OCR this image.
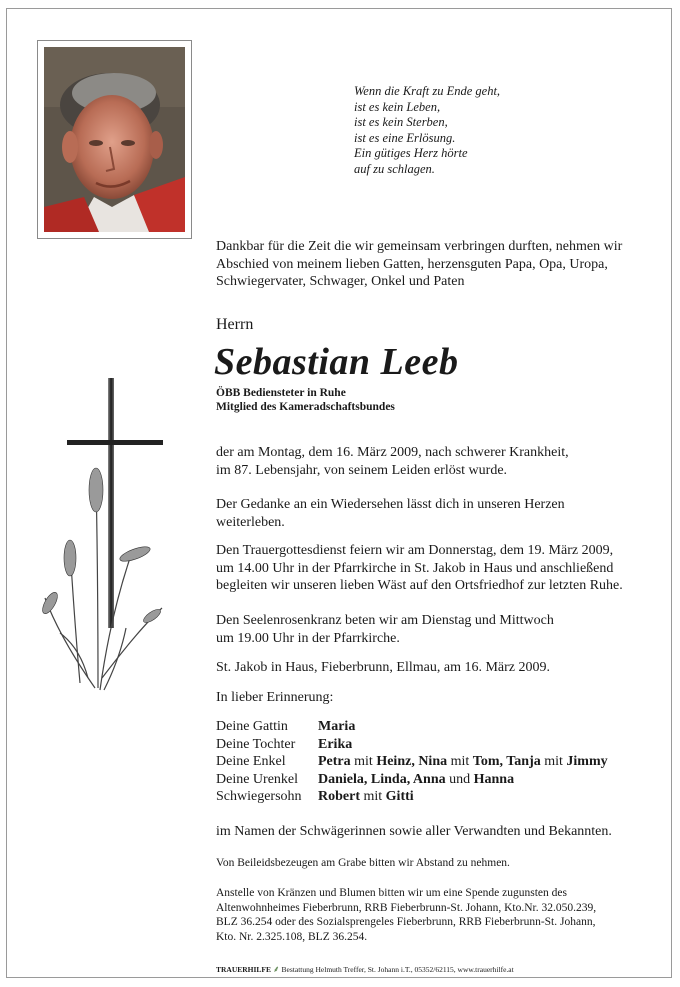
Wenn die Kraft zu Ende geht,
ist es kein Leben,
ist es kein Sterben,
ist es eine Erlösung.
Ein gütiges Herz hörte
auf zu schlagen.
Dankbar für die Zeit die wir gemeinsam verbringen durften, nehmen wir
Abschied von meinem lieben Gatten, herzensguten Papa, Opa, Uropa,
Schwiegervater, Schwager, Onkel und Paten
Herrn
Sebastian Leeb
ÖBB Bediensteter in Ruhe
Mitglied des Kameradschaftsbundes
der am Montag, dem 16. März 2009, nach schwerer Krankheit,
im 87. Lebensjahr, von seinem Leiden erlöst wurde.
Der Gedanke an ein Wiedersehen lässt dich in unseren Herzen
weiterleben.
Den Trauergottesdienst feiern wir am Donnerstag, dem 19. März 2009,
um 14.00 Uhr in der Pfarrkirche in St. Jakob in Haus und anschließend
begleiten wir unseren lieben Wäst auf den Ortsfriedhof zur letzten Ruhe.
Den Seelenrosenkranz beten wir am Dienstag und Mittwoch
um 19.00 Uhr in der Pfarrkirche.
St. Jakob in Haus, Fieberbrunn, Ellmau, am 16. März 2009.
In lieber Erinnerung:
Deine Gattin	Maria
Deine Tochter	Erika
Deine Enkel	Petra mit Heinz, Nina mit Tom, Tanja mit Jimmy
Deine Urenkel	Daniela, Linda, Anna und Hanna
Schwiegersohn	Robert mit Gitti
im Namen der Schwägerinnen sowie aller Verwandten und Bekannten.
Von Beileidsbezeugen am Grabe bitten wir Abstand zu nehmen.
Anstelle von Kränzen und Blumen bitten wir um eine Spende zugunsten des
Altenwohnheimes Fieberbrunn, RRB Fieberbrunn-St. Johann, Kto.Nr. 32.050.239,
BLZ 36.254 oder des Sozialsprengeles Fieberbrunn, RRB Fieberbrunn-St. Johann,
Kto. Nr. 2.325.108, BLZ 36.254.
TRAUERHILFE ⸙ Bestattung Helmuth Treffer, St. Johann i.T., 05352/62115, www.trauerhilfe.at
